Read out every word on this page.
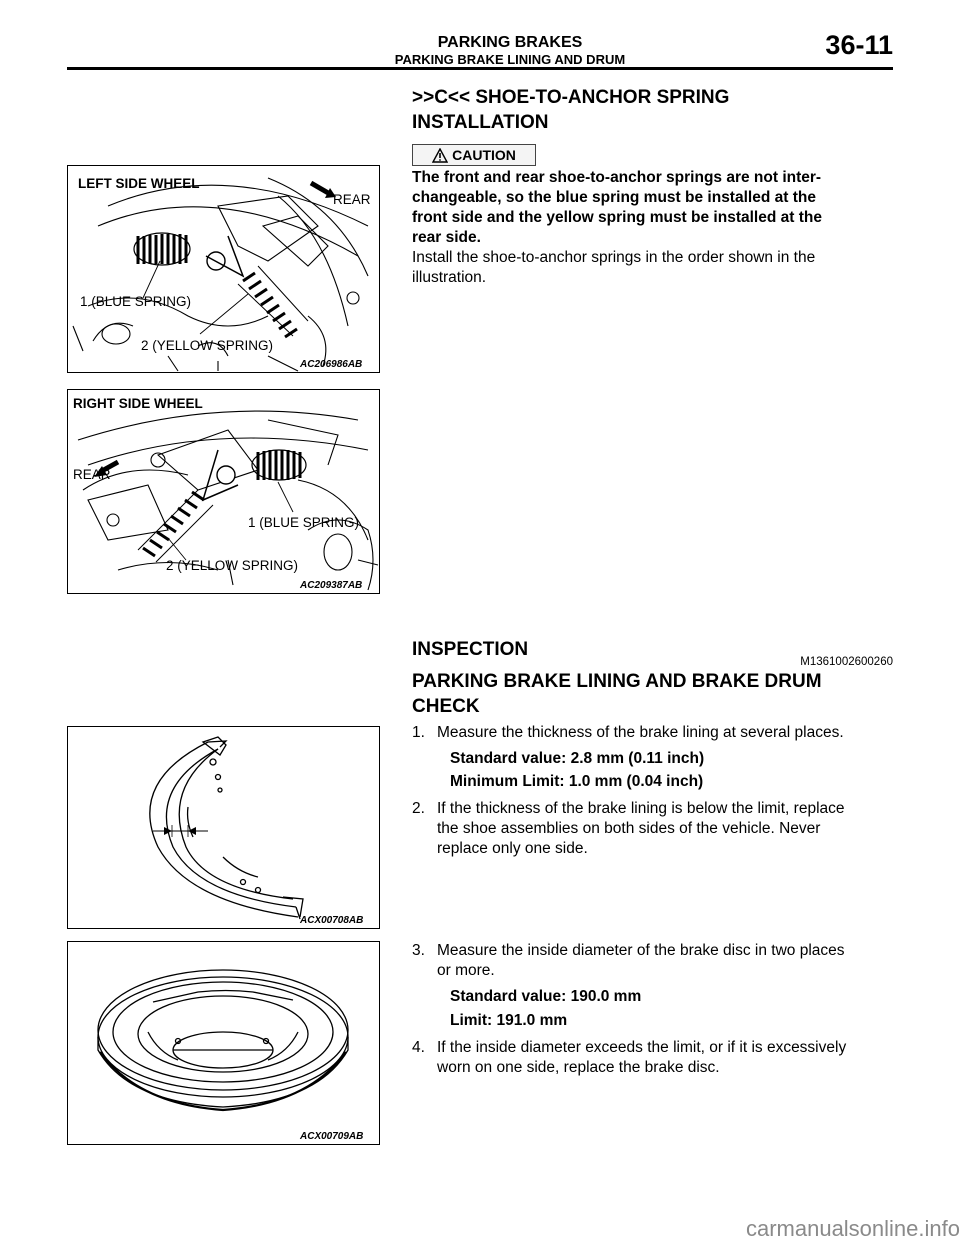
PARKING BRAKES
PARKING BRAKE LINING AND DRUM	36-11
>>C<< SHOE-TO-ANCHOR SPRING
INSTALLATION
CAUTION
The front and rear shoe-to-anchor springs are not inter-
changeable, so the blue spring must be installed at the
front side and the yellow spring must be installed at the
rear side.
Install the shoe-to-anchor springs in the order shown in the
illustration.
LEFT SIDE WHEEL
REAR
1 (BLUE SPRING)
2 (YELLOW SPRING)
AC206986AB
RIGHT SIDE WHEEL
REAR
1 (BLUE SPRING)
2 (YELLOW SPRING)
AC209387AB
INSPECTION
M1361002600260
PARKING BRAKE LINING AND BRAKE DRUM
CHECK
1. Measure the thickness of the brake lining at several places.
Standard value: 2.8 mm (0.11 inch)
Minimum Limit: 1.0 mm (0.04 inch)
2. If the thickness of the brake lining is below the limit, replace
the shoe assemblies on both sides of the vehicle. Never
replace only one side.
ACX00708AB
3. Measure the inside diameter of the brake disc in two places
or more.
Standard value: 190.0 mm
Limit: 191.0 mm
4. If the inside diameter exceeds the limit, or if it is excessively
worn on one side, replace the brake disc.
ACX00709AB
carmanualsonline.info
